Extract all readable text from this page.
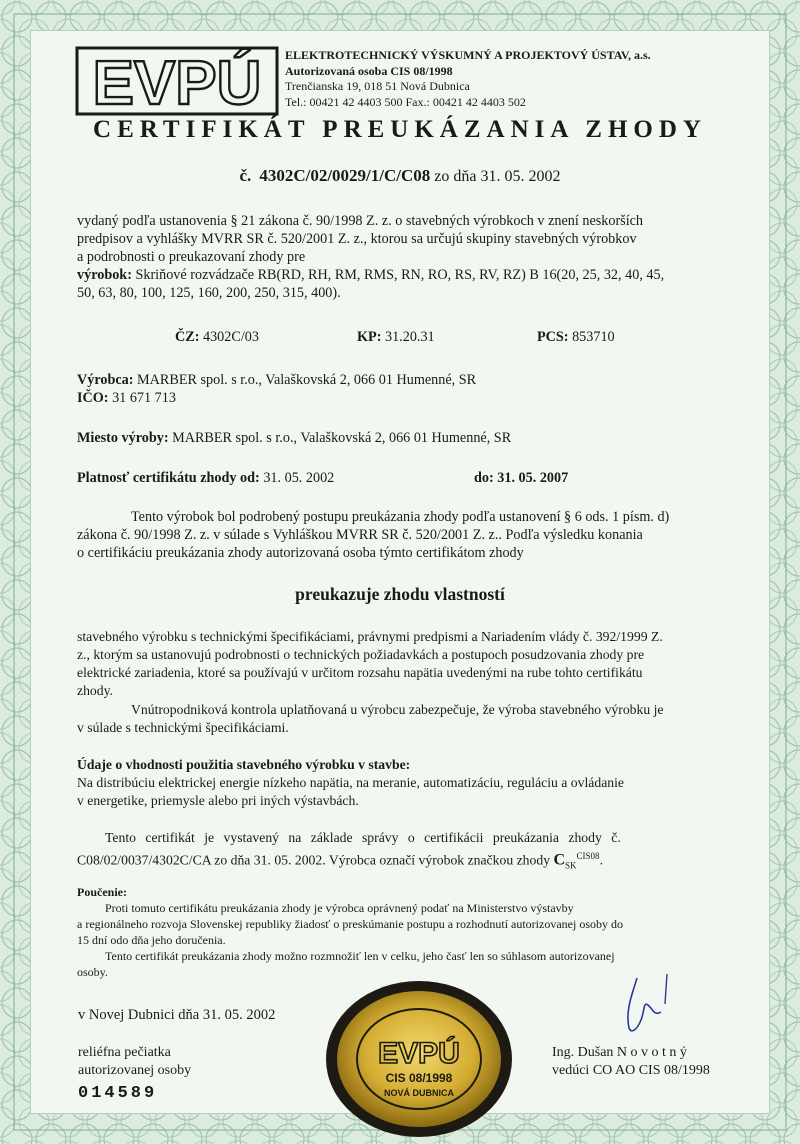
EVPÚ ELEKTROTECHNICKÝ VÝSKUMNÝ A PROJEKTOVÝ ÚSTAV, a.s.
Autorizovaná osoba CIS 08/1998
Trenčianska 19, 018 51 Nová Dubnica
Tel.: 00421 42 4403 500 Fax.: 00421 42 4403 502
CERTIFIKÁT PREUKÁZANIA ZHODY
č. 4302C/02/0029/1/C/C08 zo dňa 31. 05. 2002
vydaný podľa ustanovenia § 21 zákona č. 90/1998 Z. z. o stavebných výrobkoch v znení neskorších
predpisov a vyhlášky MVRR SR č. 520/2001 Z. z., ktorou sa určujú skupiny stavebných výrobkov
a podrobnosti o preukazovaní zhody pre
výrobok: Skriňové rozvádzače RB(RD, RH, RM, RMS, RN, RO, RS, RV, RZ) B 16(20, 25, 32, 40, 45,
50, 63, 80, 100, 125, 160, 200, 250, 315, 400).
ČZ: 4302C/03	KP: 31.20.31	PCS: 853710
Výrobca: MARBER spol. s r.o., Valaškovská 2, 066 01 Humenné, SR
IČO: 31 671 713
Miesto výroby: MARBER spol. s r.o., Valaškovská 2, 066 01 Humenné, SR
Platnosť certifikátu zhody od: 31. 05. 2002	do: 31. 05. 2007
Tento výrobok bol podrobený postupu preukázania zhody podľa ustanovení § 6 ods. 1 písm. d)
zákona č. 90/1998 Z. z. v súlade s Vyhláškou MVRR SR č. 520/2001 Z. z.. Podľa výsledku konania
o certifikáciu preukázania zhody autorizovaná osoba týmto certifikátom zhody
preukazuje zhodu vlastností
stavebného výrobku s technickými špecifikáciami, právnymi predpismi a Nariadením vlády č. 392/1999 Z.
z., ktorým sa ustanovujú podrobnosti o technických požiadavkách a postupoch posudzovania zhody pre
elektrické zariadenia, ktoré sa používajú v určitom rozsahu napätia uvedenými na rube tohto certifikátu
zhody.
Vnútropodniková kontrola uplatňovaná u výrobcu zabezpečuje, že výroba stavebného výrobku je
v súlade s technickými špecifikáciami.
Údaje o vhodnosti použitia stavebného výrobku v stavbe:
Na distribúciu elektrickej energie nízkeho napätia, na meranie, automatizáciu, reguláciu a ovládanie
v energetike, priemysle alebo pri iných výstavbách.
Tento certifikát je vystavený na základe správy o certifikácii preukázania zhody č.
C08/02/0037/4302C/CA zo dňa 31. 05. 2002. Výrobca označí výrobok značkou zhody $C_{SK}^{CIS08}$.
Poučenie:
Proti tomuto certifikátu preukázania zhody je výrobca oprávnený podať na Ministerstvo výstavby
a regionálneho rozvoja Slovenskej republiky žiadosť o preskúmanie postupu a rozhodnutí autorizovanej osoby do
15 dní odo dňa jeho doručenia.
Tento certifikát preukázania zhody možno rozmnožiť len v celku, jeho časť len so súhlasom autorizovanej
osoby.
v Novej Dubnici dňa 31. 05. 2002
reliéfna pečiatka
autorizovanej osoby
EVPÚ
CIS 08/1998
NOVÁ DUBNICA
Ing. Dušan N o v o t n ý
vedúci CO AO CIS 08/1998
014589
